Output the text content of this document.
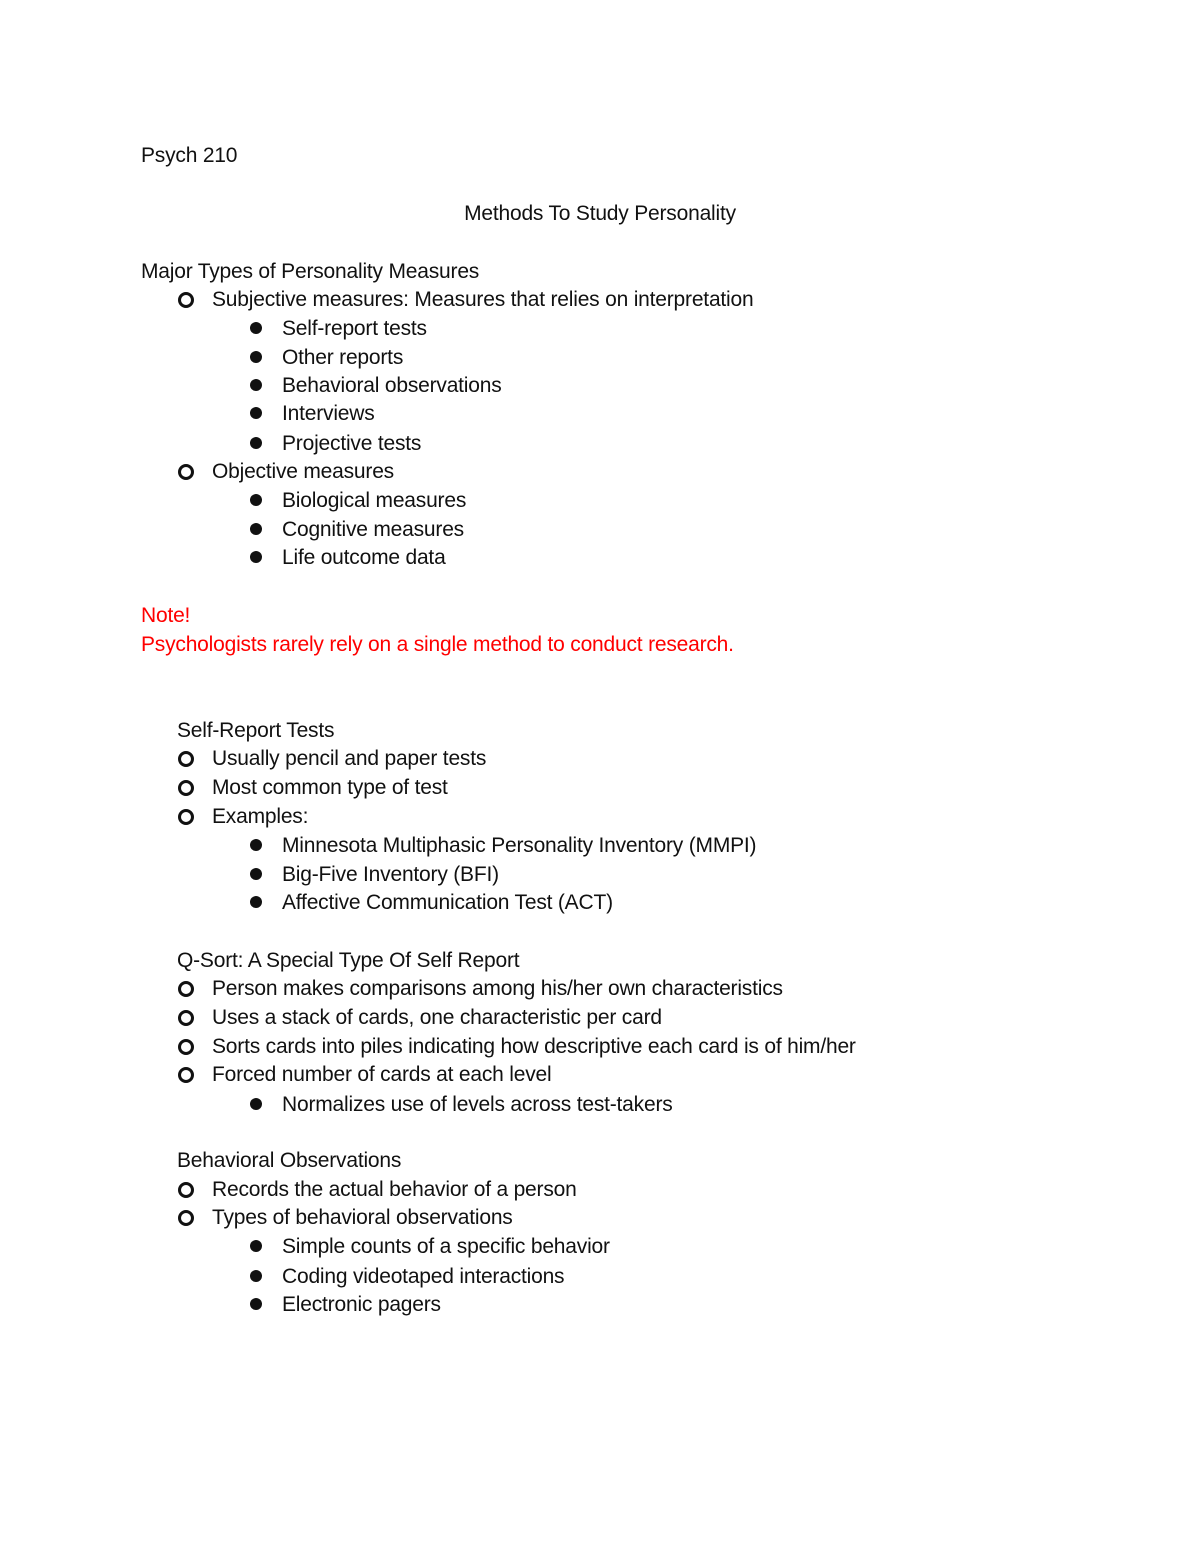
Psych 210
Methods To Study Personality
Major Types of Personality Measures
Subjective measures: Measures that relies on interpretation
Self-report tests
Other reports
Behavioral observations
Interviews
Projective tests
Objective measures
Biological measures
Cognitive measures
Life outcome data
Note!
Psychologists rarely rely on a single method to conduct research.
Self-Report Tests
Usually pencil and paper tests
Most common type of test
Examples:
Minnesota Multiphasic Personality Inventory (MMPI)
Big-Five Inventory (BFI)
Affective Communication Test (ACT)
Q-Sort: A Special Type Of Self Report
Person makes comparisons among his/her own characteristics
Uses a stack of cards, one characteristic per card
Sorts cards into piles indicating how descriptive each card is of him/her
Forced number of cards at each level
Normalizes use of levels across test-takers
Behavioral Observations
Records the actual behavior of a person
Types of behavioral observations
Simple counts of a specific behavior
Coding videotaped interactions
Electronic pagers
